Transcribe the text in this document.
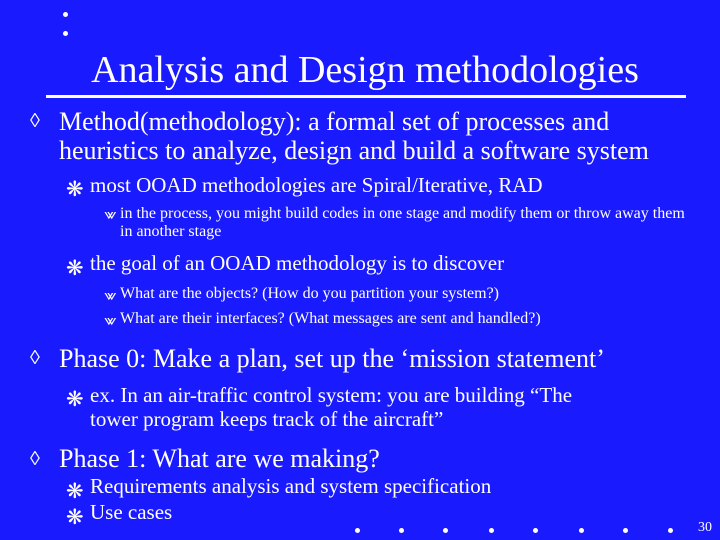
Analysis and Design methodologies
◊ Method(methodology): a formal set of processes and heuristics to analyze, design and build a software system
❋ most OOAD methodologies are Spiral/Iterative, RAD
⩖ in the process, you might build codes in one stage and modify them or throw away them in another stage
❋ the goal of an OOAD methodology is to discover
⩖ What are the objects? (How do you partition your system?)
⩖ What are their interfaces? (What messages are sent and handled?)
◊ Phase 0: Make a plan, set up the ‘mission statement’
❋ ex. In an air-traffic control system: you are building “The tower program keeps track of the aircraft”
◊ Phase 1: What are we making?
❋ Requirements analysis and system specification
❋ Use cases
30
